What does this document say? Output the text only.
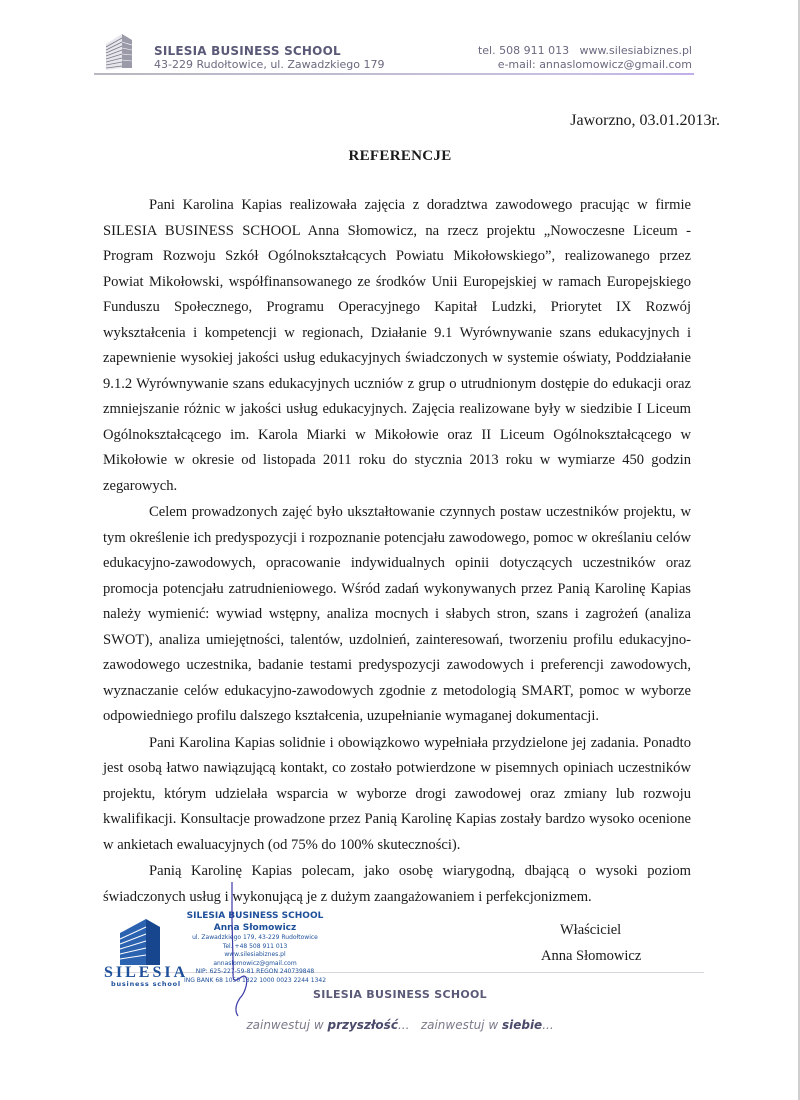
SILESIA BUSINESS SCHOOL
43-229 Rudołtowice, ul. Zawadzkiego 179
tel. 508 911 013   www.silesiabiznes.pl
e-mail: annaslomowicz@gmail.com
Jaworzno, 03.01.2013r.
REFERENCJE

Pani Karolina Kapias realizowała zajęcia z doradztwa zawodowego pracując w firmie SILESIA BUSINESS SCHOOL Anna Słomowicz, na rzecz projektu „Nowoczesne Liceum - Program Rozwoju Szkół Ogólnokształcących Powiatu Mikołowskiego”, realizowanego przez Powiat Mikołowski, współfinansowanego ze środków Unii Europejskiej w ramach Europejskiego Funduszu Społecznego, Programu Operacyjnego Kapitał Ludzki, Priorytet IX Rozwój wykształcenia i kompetencji w regionach, Działanie 9.1 Wyrównywanie szans edukacyjnych i zapewnienie wysokiej jakości usług edukacyjnych świadczonych w systemie oświaty, Poddziałanie 9.1.2 Wyrównywanie szans edukacyjnych uczniów z grup o utrudnionym dostępie do edukacji oraz zmniejszanie różnic w jakości usług edukacyjnych. Zajęcia realizowane były w siedzibie I Liceum Ogólnokształcącego im. Karola Miarki w Mikołowie oraz II Liceum Ogólnokształcącego w Mikołowie w okresie od listopada 2011 roku do stycznia 2013 roku w wymiarze 450 godzin zegarowych.

Celem prowadzonych zajęć było ukształtowanie czynnych postaw uczestników projektu, w tym określenie ich predyspozycji i rozpoznanie potencjału zawodowego, pomoc w określaniu celów edukacyjno-zawodowych, opracowanie indywidualnych opinii dotyczących uczestników oraz promocja potencjału zatrudnieniowego. Wśród zadań wykonywanych przez Panią Karolinę Kapias należy wymienić: wywiad wstępny, analiza mocnych i słabych stron, szans i zagrożeń (analiza SWOT), analiza umiejętności, talentów, uzdolnień, zainteresowań, tworzeniu profilu edukacyjno-zawodowego uczestnika, badanie testami predyspozycji zawodowych i preferencji zawodowych, wyznaczanie celów edukacyjno-zawodowych zgodnie z metodologią SMART, pomoc w wyborze odpowiedniego profilu dalszego kształcenia, uzupełnianie wymaganej dokumentacji.

Pani Karolina Kapias solidnie i obowiązkowo wypełniała przydzielone jej zadania. Ponadto jest osobą łatwo nawiązującą kontakt, co zostało potwierdzone w pisemnych opiniach uczestników projektu, którym udzielała wsparcia w wyborze drogi zawodowej oraz zmiany lub rozwoju kwalifikacji. Konsultacje prowadzone przez Panią Karolinę Kapias zostały bardzo wysoko ocenione w ankietach ewaluacyjnych (od 75% do 100% skuteczności).

Panią Karolinę Kapias polecam, jako osobę wiarygodną, dbającą o wysoki poziom świadczonych usług i wykonującą je z dużym zaangażowaniem i perfekcjonizmem.

SILESIA
business school
SILESIA BUSINESS SCHOOL
Anna Słomowicz
ul. Zawadzkiego 179, 43-229 Rudołtowice
Tel. +48 508 911 013
www.silesiabiznes.pl
annaslomowicz@gmail.com
NIP: 625-227-59-81 REGON 240739848
ING BANK 68 1050 1322 1000 0023 2244 1342
Właściciel
Anna Słomowicz
SILESIA BUSINESS SCHOOL
zainwestuj w przyszłość...   zainwestuj w siebie...
